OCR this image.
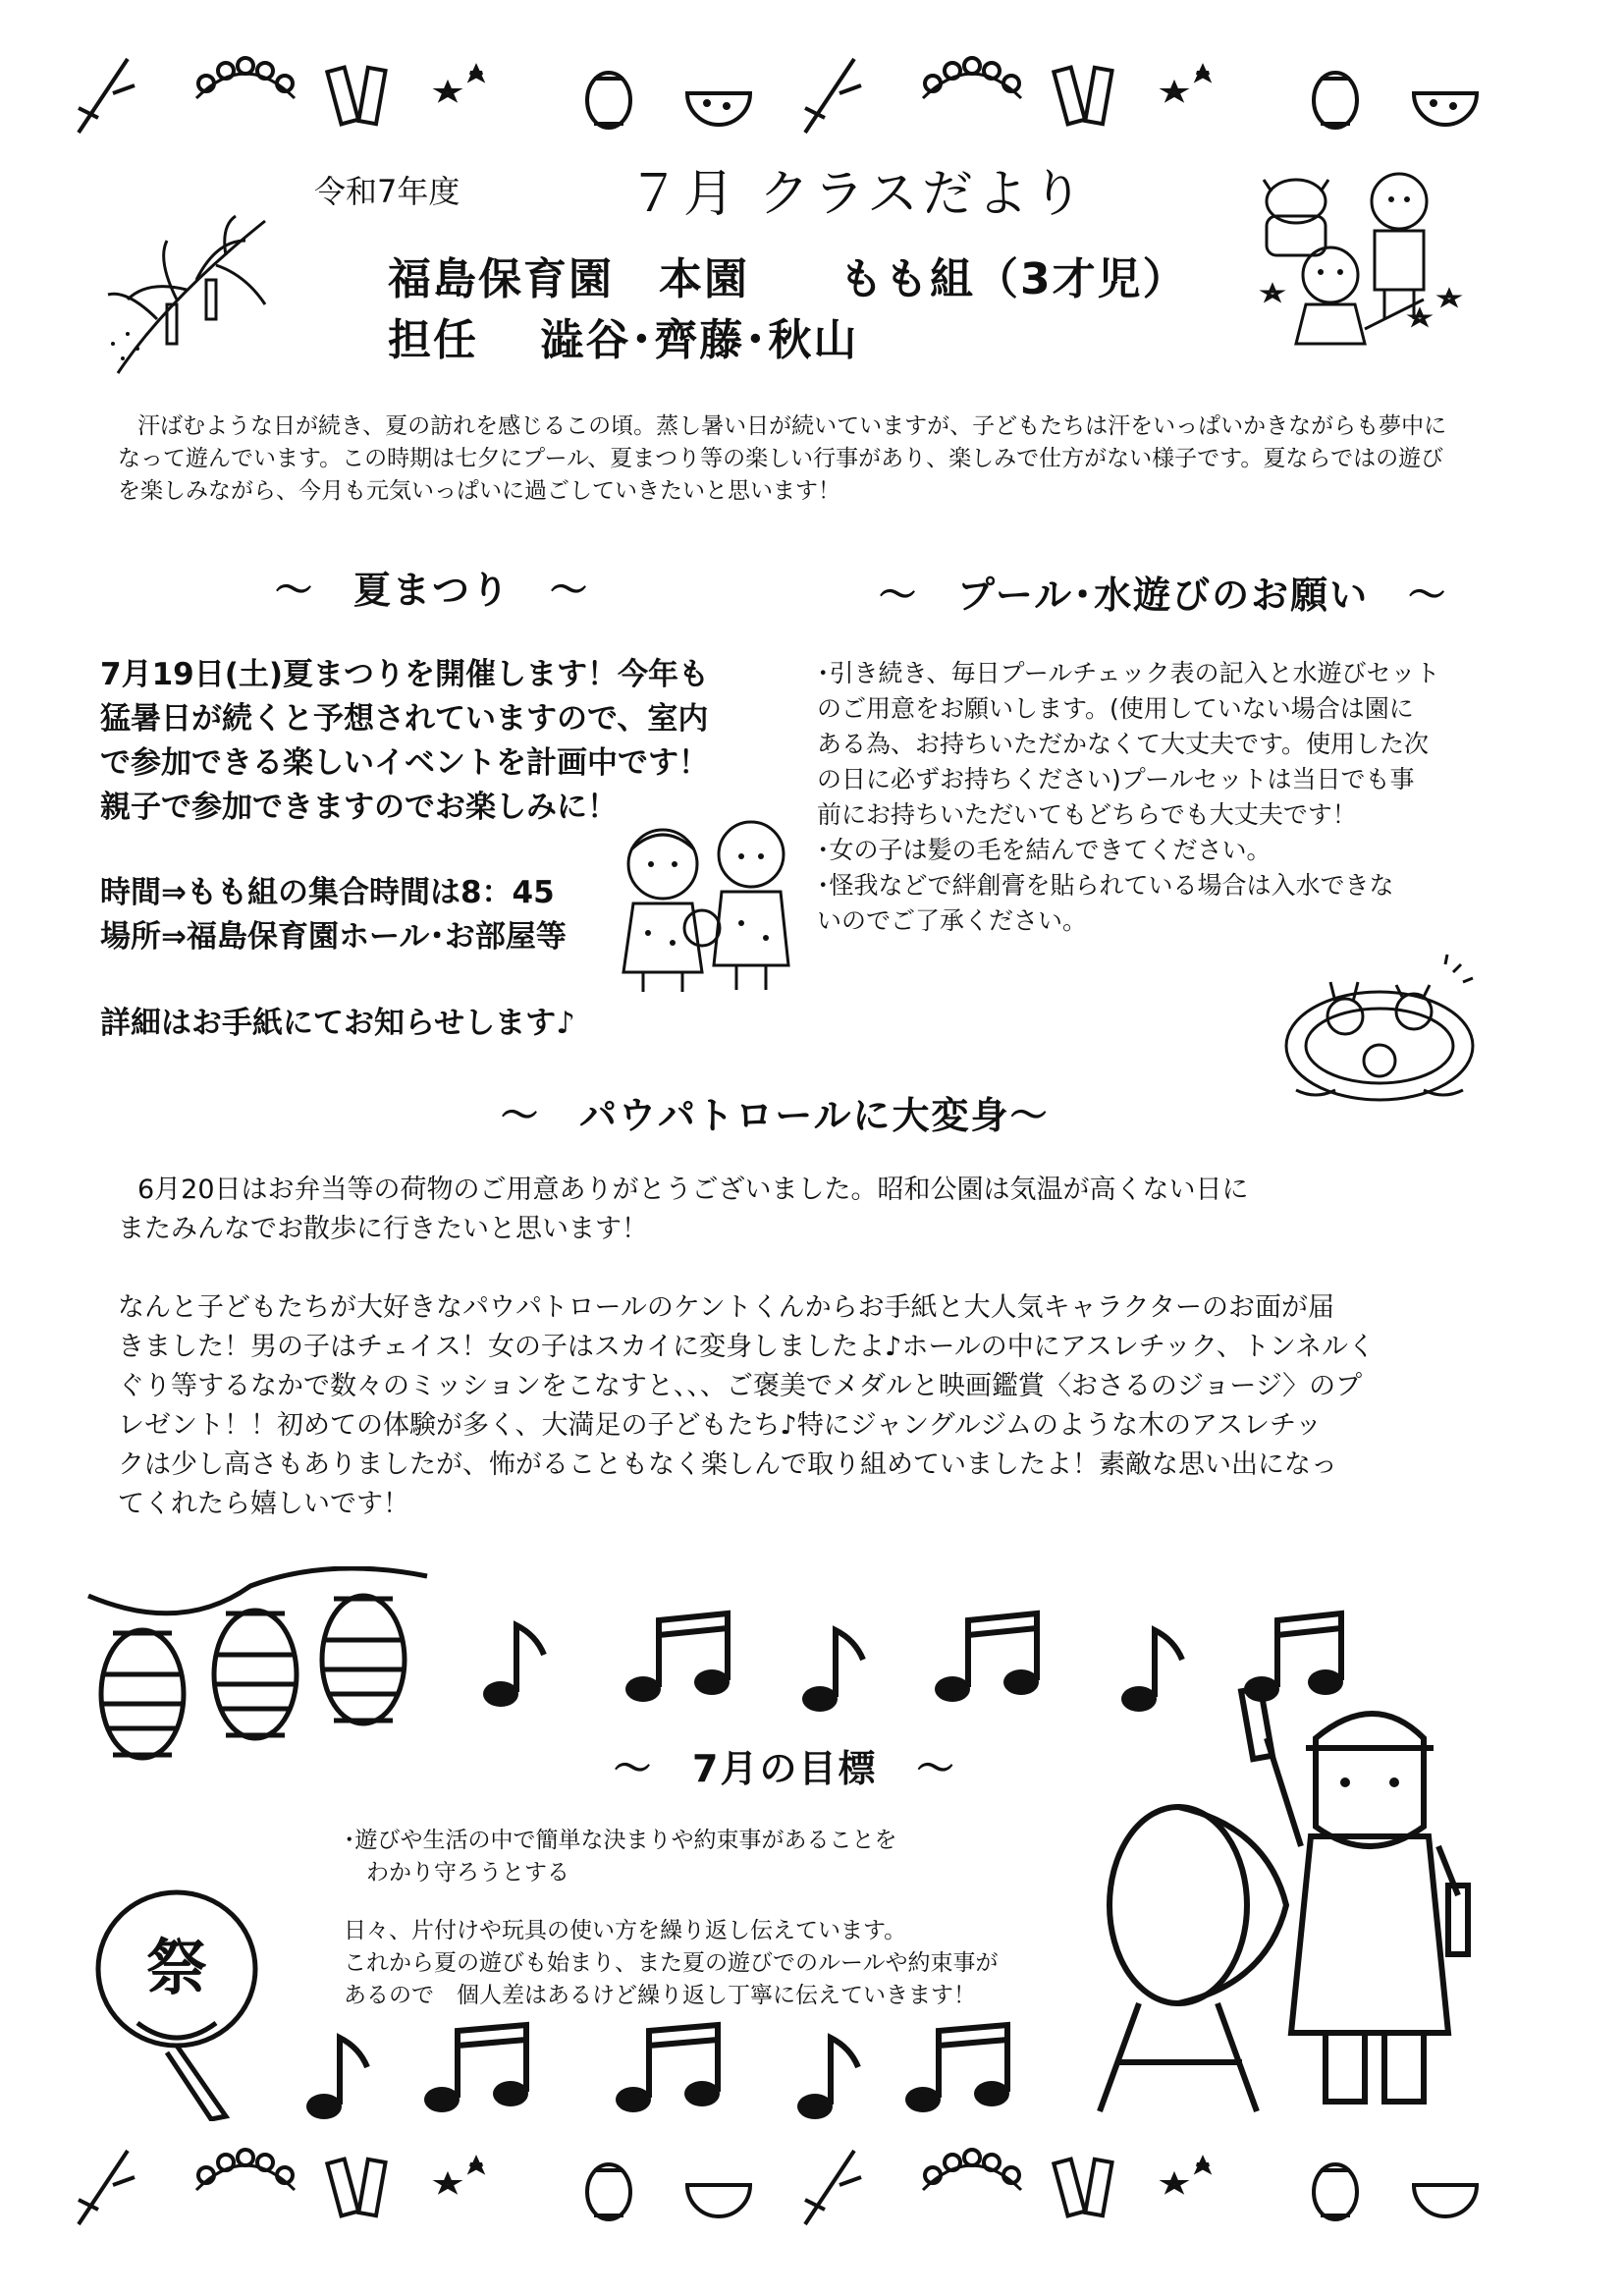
令和7年度	７月 クラスだより
福島保育園　本園　　もも組（3才児）
担任　 澁谷･齊藤･秋山
汗ばむような日が続き、夏の訪れを感じるこの頃。蒸し暑い日が続いていますが、子どもたちは汗をいっぱいかきながらも夢中になって遊んでいます。この時期は七夕にプール、夏まつり等の楽しい行事があり、楽しみで仕方がない様子です。夏ならではの遊びを楽しみながら、今月も元気いっぱいに過ごしていきたいと思います！
～　夏まつり　～
7月19日(土)夏まつりを開催します！今年も
猛暑日が続くと予想されていますので、室内
で参加できる楽しいイベントを計画中です！
親子で参加できますのでお楽しみに！
時間⇒もも組の集合時間は8：45
場所⇒福島保育園ホール･お部屋等
詳細はお手紙にてお知らせします♪
～　プール･水遊びのお願い　～
･引き続き、毎日プールチェック表の記入と水遊びセット
のご用意をお願いします。(使用していない場合は園に
ある為、お持ちいただかなくて大丈夫です。使用した次
の日に必ずお持ちください)プールセットは当日でも事
前にお持ちいただいてもどちらでも大丈夫です！
･女の子は髪の毛を結んできてください。
･怪我などで絆創膏を貼られている場合は入水できな
いのでご了承ください。
～　パウパトロールに大変身～
6月20日はお弁当等の荷物のご用意ありがとうございました。昭和公園は気温が高くない日に
またみんなでお散歩に行きたいと思います！
なんと子どもたちが大好きなパウパトロールのケントくんからお手紙と大人気キャラクターのお面が届
きました！男の子はチェイス！女の子はスカイに変身しましたよ♪ホールの中にアスレチック、トンネルく
ぐり等するなかで数々のミッションをこなすと、、、ご褒美でメダルと映画鑑賞〈おさるのジョージ〉のプ
レゼント！！初めての体験が多く、大満足の子どもたち♪特にジャングルジムのような木のアスレチッ
クは少し高さもありましたが、怖がることもなく楽しんで取り組めていましたよ！素敵な思い出になっ
てくれたら嬉しいです！
～　7月の目標　～
･遊びや生活の中で簡単な決まりや約束事があることを
　わかり守ろうとする
日々、片付けや玩具の使い方を繰り返し伝えています。
これから夏の遊びも始まり、また夏の遊びでのルールや約束事が
あるので　個人差はあるけど繰り返し丁寧に伝えていきます！
祭
